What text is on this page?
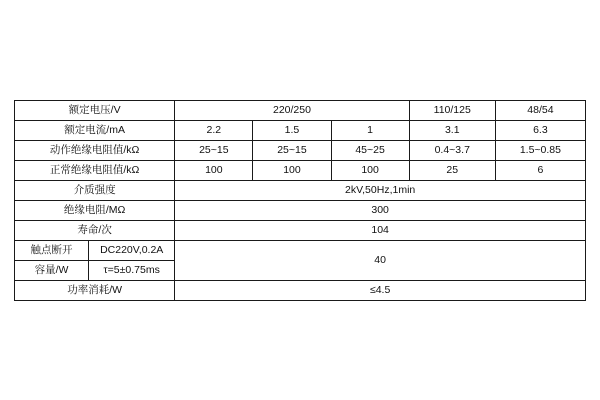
额定电压/V		220/250			110/125	48/54
额定电流/mA		2.2	1.5	1	3.1	6.3
动作绝缘电阻值/kΩ		25~15	25~15	45~25	0.4~3.7	1.5~0.85
正常绝缘电阻值/kΩ		100	100	100	25	6
介质强度		2kV,50Hz,1min				
绝缘电阻/MΩ		300				
寿命/次		104				
触点断开	DC220V,0.2A	40				
容量/W	τ=5±0.75ms					
功率消耗/W		≤4.5				
